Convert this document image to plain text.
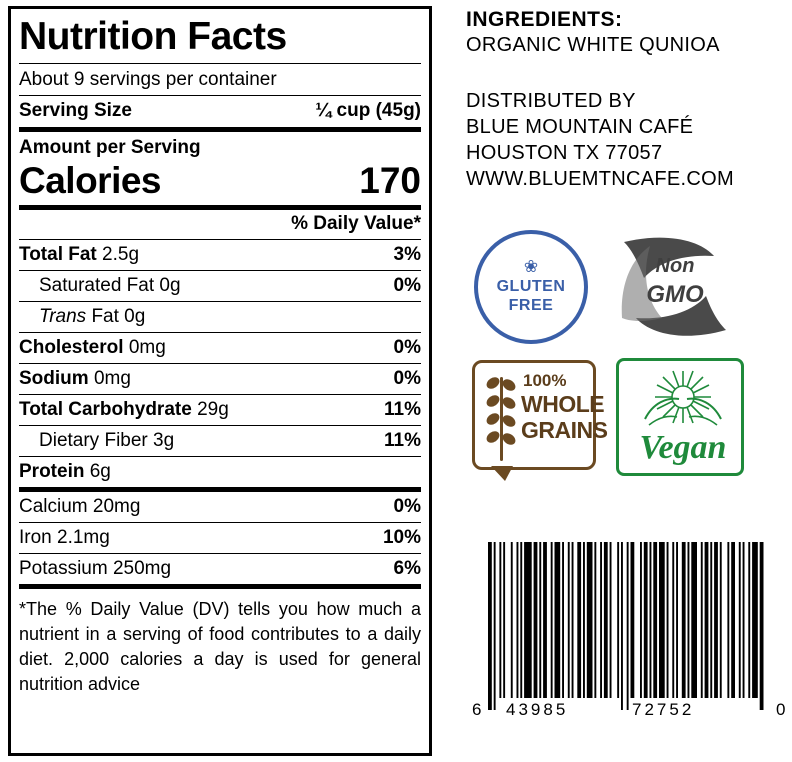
Nutrition Facts
About 9 servings per container
Serving Size	¼ cup (45g)
Amount per Serving
Calories	170
% Daily Value*
Total Fat 2.5g	3%
Saturated Fat 0g	0%
Trans Fat 0g
Cholesterol 0mg	0%
Sodium 0mg	0%
Total Carbohydrate 29g	11%
Dietary Fiber 3g	11%
Protein 6g
Calcium 20mg	0%
Iron 2.1mg	10%
Potassium 250mg	6%
*The % Daily Value (DV) tells you how much a nutrient in a serving of food contributes to a daily diet. 2,000 calories a day is used for general nutrition advice
INGREDIENTS:
ORGANIC WHITE QUNIOA
DISTRIBUTED BY
BLUE MOUNTAIN CAFÉ
HOUSTON TX 77057
WWW.BLUEMTNCAFE.COM
❀
GLUTEN
FREE
Non
GMO
100%
WHOLE
GRAINS Vegan
6 43985	72752	0
